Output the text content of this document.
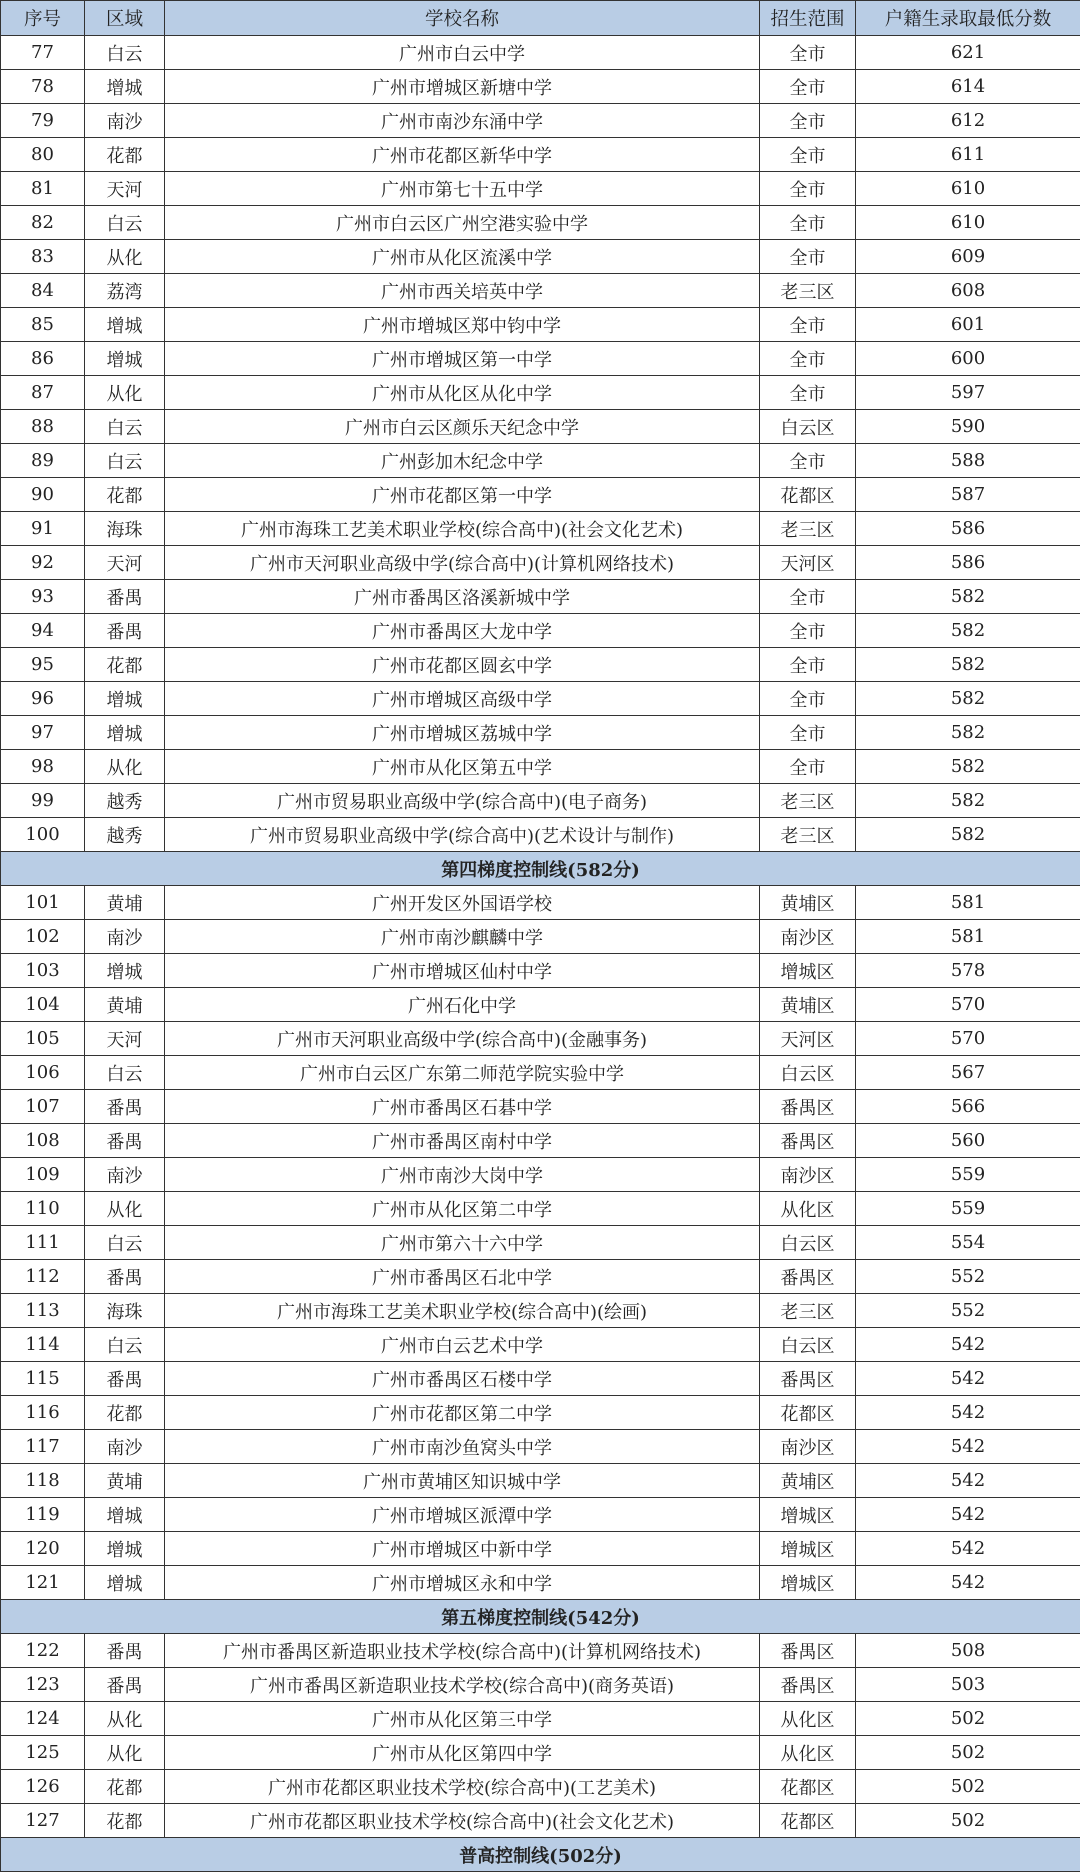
序号	区域	学校名称	招生范围	户籍生录取最低分数
77	白云	广州市白云中学	全市	621
78	增城	广州市增城区新塘中学	全市	614
79	南沙	广州市南沙东涌中学	全市	612
80	花都	广州市花都区新华中学	全市	611
81	天河	广州市第七十五中学	全市	610
82	白云	广州市白云区广州空港实验中学	全市	610
83	从化	广州市从化区流溪中学	全市	609
84	荔湾	广州市西关培英中学	老三区	608
85	增城	广州市增城区郑中钧中学	全市	601
86	增城	广州市增城区第一中学	全市	600
87	从化	广州市从化区从化中学	全市	597
88	白云	广州市白云区颜乐天纪念中学	白云区	590
89	白云	广州彭加木纪念中学	全市	588
90	花都	广州市花都区第一中学	花都区	587
91	海珠	广州市海珠工艺美术职业学校(综合高中)(社会文化艺术)	老三区	586
92	天河	广州市天河职业高级中学(综合高中)(计算机网络技术)	天河区	586
93	番禺	广州市番禺区洛溪新城中学	全市	582
94	番禺	广州市番禺区大龙中学	全市	582
95	花都	广州市花都区圆玄中学	全市	582
96	增城	广州市增城区高级中学	全市	582
97	增城	广州市增城区荔城中学	全市	582
98	从化	广州市从化区第五中学	全市	582
99	越秀	广州市贸易职业高级中学(综合高中)(电子商务)	老三区	582
100	越秀	广州市贸易职业高级中学(综合高中)(艺术设计与制作)	老三区	582
第四梯度控制线(582分)				
101	黄埔	广州开发区外国语学校	黄埔区	581
102	南沙	广州市南沙麒麟中学	南沙区	581
103	增城	广州市增城区仙村中学	增城区	578
104	黄埔	广州石化中学	黄埔区	570
105	天河	广州市天河职业高级中学(综合高中)(金融事务)	天河区	570
106	白云	广州市白云区广东第二师范学院实验中学	白云区	567
107	番禺	广州市番禺区石碁中学	番禺区	566
108	番禺	广州市番禺区南村中学	番禺区	560
109	南沙	广州市南沙大岗中学	南沙区	559
110	从化	广州市从化区第二中学	从化区	559
111	白云	广州市第六十六中学	白云区	554
112	番禺	广州市番禺区石北中学	番禺区	552
113	海珠	广州市海珠工艺美术职业学校(综合高中)(绘画)	老三区	552
114	白云	广州市白云艺术中学	白云区	542
115	番禺	广州市番禺区石楼中学	番禺区	542
116	花都	广州市花都区第二中学	花都区	542
117	南沙	广州市南沙鱼窝头中学	南沙区	542
118	黄埔	广州市黄埔区知识城中学	黄埔区	542
119	增城	广州市增城区派潭中学	增城区	542
120	增城	广州市增城区中新中学	增城区	542
121	增城	广州市增城区永和中学	增城区	542
第五梯度控制线(542分)				
122	番禺	广州市番禺区新造职业技术学校(综合高中)(计算机网络技术)	番禺区	508
123	番禺	广州市番禺区新造职业技术学校(综合高中)(商务英语)	番禺区	503
124	从化	广州市从化区第三中学	从化区	502
125	从化	广州市从化区第四中学	从化区	502
126	花都	广州市花都区职业技术学校(综合高中)(工艺美术)	花都区	502
127	花都	广州市花都区职业技术学校(综合高中)(社会文化艺术)	花都区	502
普高控制线(502分)				
